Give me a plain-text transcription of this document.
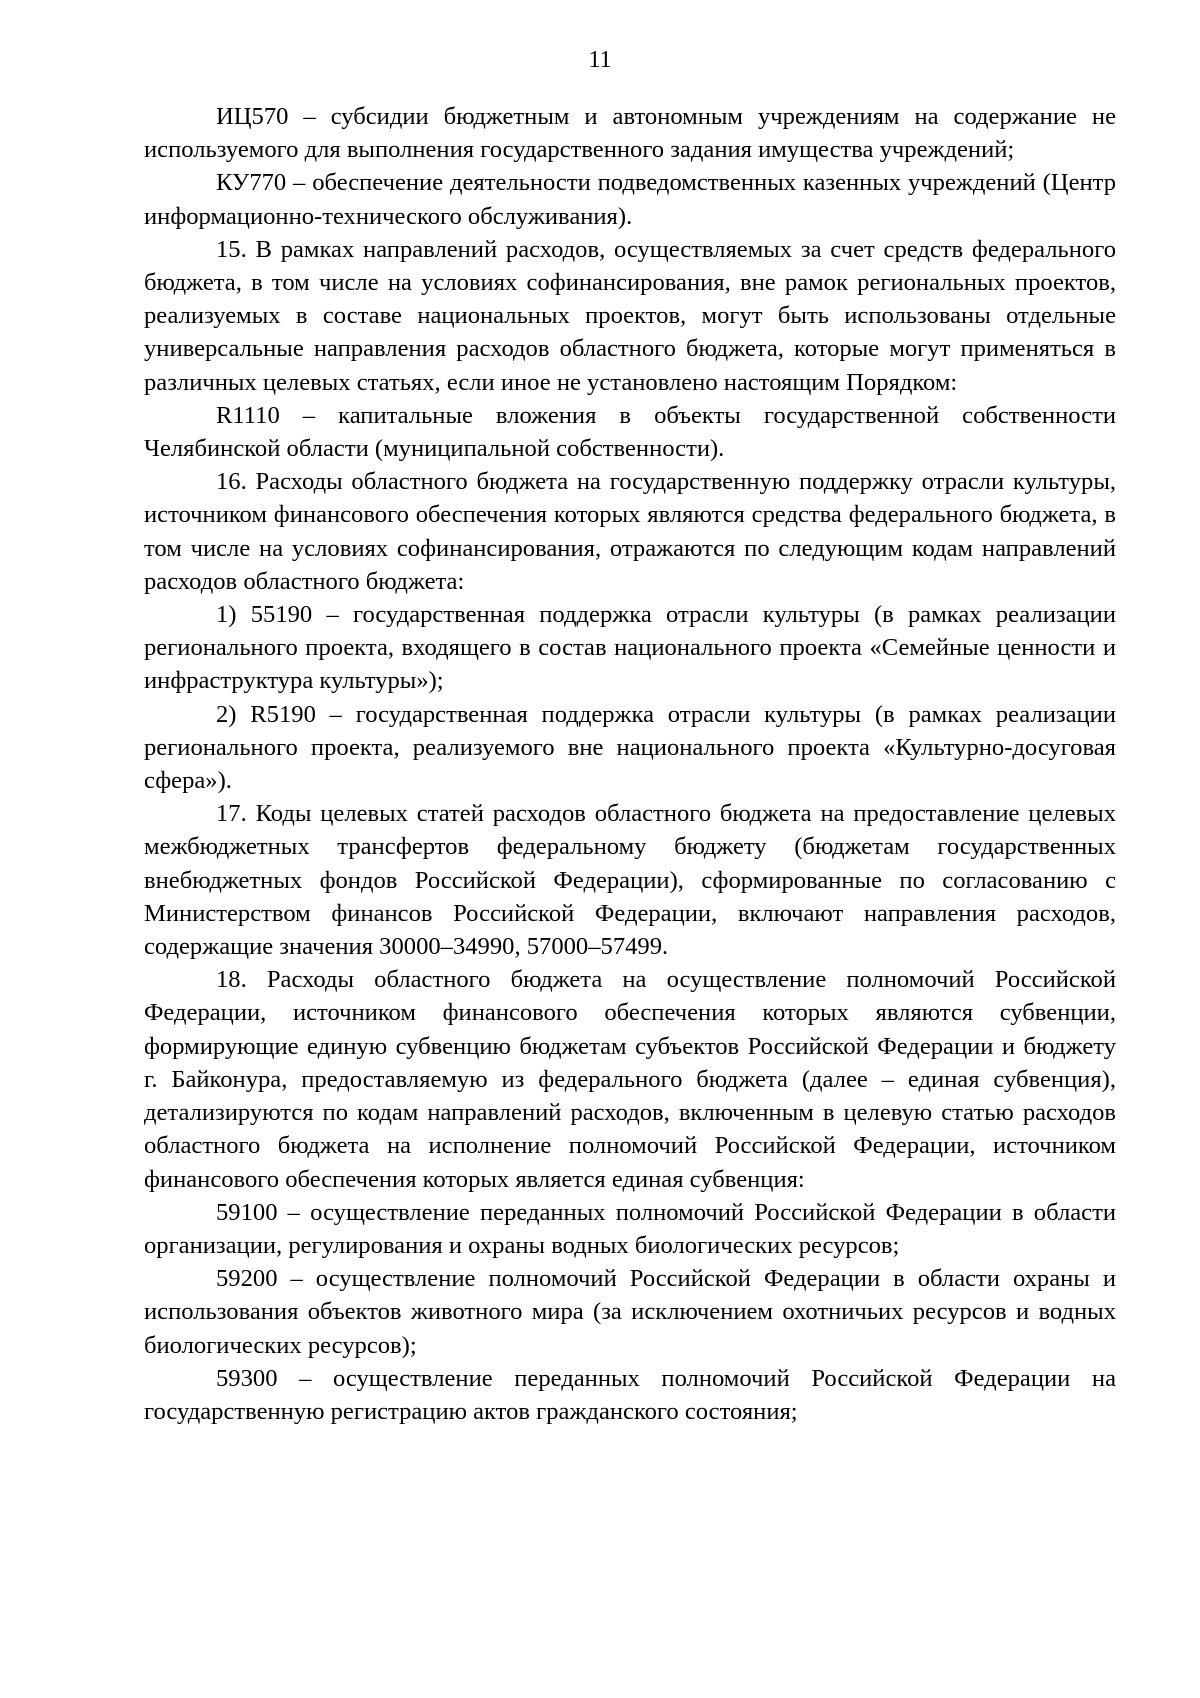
11

ИЦ570 – субсидии бюджетным и автономным учреждениям на содержание не используемого для выполнения государственного задания имущества учреждений;

КУ770 – обеспечение деятельности подведомственных казенных учреждений (Центр информационно-технического обслуживания).

15. В рамках направлений расходов, осуществляемых за счет средств федерального бюджета, в том числе на условиях софинансирования, вне рамок региональных проектов, реализуемых в составе национальных проектов, могут быть использованы отдельные универсальные направления расходов областного бюджета, которые могут применяться в различных целевых статьях, если иное не установлено настоящим Порядком:

R1110 – капитальные вложения в объекты государственной собственности Челябинской области (муниципальной собственности).

16. Расходы областного бюджета на государственную поддержку отрасли культуры, источником финансового обеспечения которых являются средства федерального бюджета, в том числе на условиях софинансирования, отражаются по следующим кодам направлений расходов областного бюджета:

1) 55190 – государственная поддержка отрасли культуры (в рамках реализации регионального проекта, входящего в состав национального проекта «Семейные ценности и инфраструктура культуры»);

2) R5190 – государственная поддержка отрасли культуры (в рамках реализации регионального проекта, реализуемого вне национального проекта «Культурно-досуговая сфера»).

17. Коды целевых статей расходов областного бюджета на предоставление целевых межбюджетных трансфертов федеральному бюджету (бюджетам государственных внебюджетных фондов Российской Федерации), сформированные по согласованию с Министерством финансов Российской Федерации, включают направления расходов, содержащие значения 30000–34990, 57000–57499.

18. Расходы областного бюджета на осуществление полномочий Российской Федерации, источником финансового обеспечения которых являются субвенции, формирующие единую субвенцию бюджетам субъектов Российской Федерации и бюджету г. Байконура, предоставляемую из федерального бюджета (далее – единая субвенция), детализируются по кодам направлений расходов, включенным в целевую статью расходов областного бюджета на исполнение полномочий Российской Федерации, источником финансового обеспечения которых является единая субвенция:

59100 – осуществление переданных полномочий Российской Федерации в области организации, регулирования и охраны водных биологических ресурсов;

59200 – осуществление полномочий Российской Федерации в области охраны и использования объектов животного мира (за исключением охотничьих ресурсов и водных биологических ресурсов);

59300 – осуществление переданных полномочий Российской Федерации на государственную регистрацию актов гражданского состояния;
